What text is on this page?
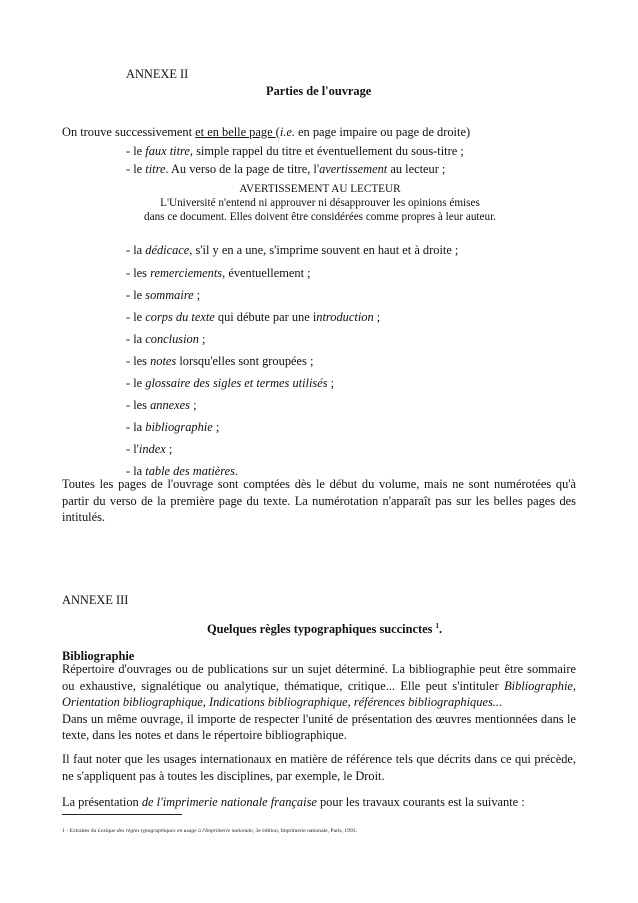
ANNEXE II
Parties de l'ouvrage
On trouve successivement et en belle page (i.e. en page impaire ou page de droite)
- le faux titre, simple rappel du titre et éventuellement du sous-titre ;
- le titre. Au verso de la page de titre, l'avertissement au lecteur ;
AVERTISSEMENT AU LECTEUR
L'Université n'entend ni approuver ni désapprouver les opinions émises
dans ce document. Elles doivent être considérées comme propres à leur auteur.
- la dédicace, s'il y en a une, s'imprime souvent en haut et à droite ;
- les remerciements, éventuellement ;
- le sommaire ;
- le corps du texte qui débute par une introduction ;
- la conclusion ;
- les notes lorsqu'elles sont groupées ;
- le glossaire des sigles et termes utilisés ;
- les annexes ;
- la bibliographie ;
- l'index ;
- la table des matières.
Toutes les pages de l'ouvrage sont comptées dès le début du volume, mais ne sont numérotées qu'à partir du verso de la première page du texte. La numérotation n'apparaît pas sur les belles pages des intitulés.
ANNEXE III
Quelques règles typographiques succinctes $^1$.
Bibliographie
Répertoire d'ouvrages ou de publications sur un sujet déterminé. La bibliographie peut être sommaire ou exhaustive, signalétique ou analytique, thématique, critique... Elle peut s'intituler Bibliographie, Orientation bibliographique, Indications bibliographique, références bibliographiques...
Dans un même ouvrage, il importe de respecter l'unité de présentation des œuvres mentionnées dans le texte, dans les notes et dans le répertoire bibliographique.
Il faut noter que les usages internationaux en matière de référence tels que décrits dans ce qui précède, ne s'appliquent pas à toutes les disciplines, par exemple, le Droit.
La présentation de l'imprimerie nationale française pour les travaux courants est la suivante :
1 - Extraites du Lexique des règles typographiques en usage à l'Imprimerie nationale, 3e édition, Imprimerie nationale, Paris, 1993.
